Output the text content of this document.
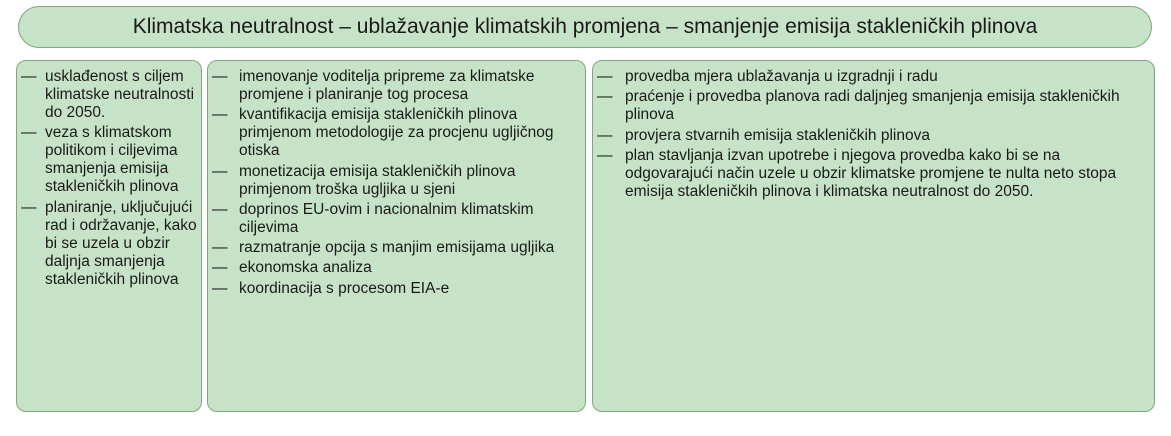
Klimatska neutralnost – ublažavanje klimatskih promjena – smanjenje emisija stakleničkih plinova
— usklađenost s ciljem klimatske neutralnosti do 2050.
— veza s klimatskom politikom i ciljevima smanjenja emisija stakleničkih plinova
— planiranje, uključujući rad i održavanje, kako bi se uzela u obzir daljnja smanjenja stakleničkih plinova
— imenovanje voditelja pripreme za klimatske promjene i planiranje tog procesa
— kvantifikacija emisija stakleničkih plinova primjenom metodologije za procjenu ugljičnog otiska
— monetizacija emisija stakleničkih plinova primjenom troška ugljika u sjeni
— doprinos EU-ovim i nacionalnim klimatskim ciljevima
— razmatranje opcija s manjim emisijama ugljika
— ekonomska analiza
— koordinacija s procesom EIA-e
— provedba mjera ublažavanja u izgradnji i radu
— praćenje i provedba planova radi daljnjeg smanjenja emisija stakleničkih plinova
— provjera stvarnih emisija stakleničkih plinova
— plan stavljanja izvan upotrebe i njegova provedba kako bi se na odgovarajući način uzele u obzir klimatske promjene te nulta neto stopa emisija stakleničkih plinova i klimatska neutralnost do 2050.
